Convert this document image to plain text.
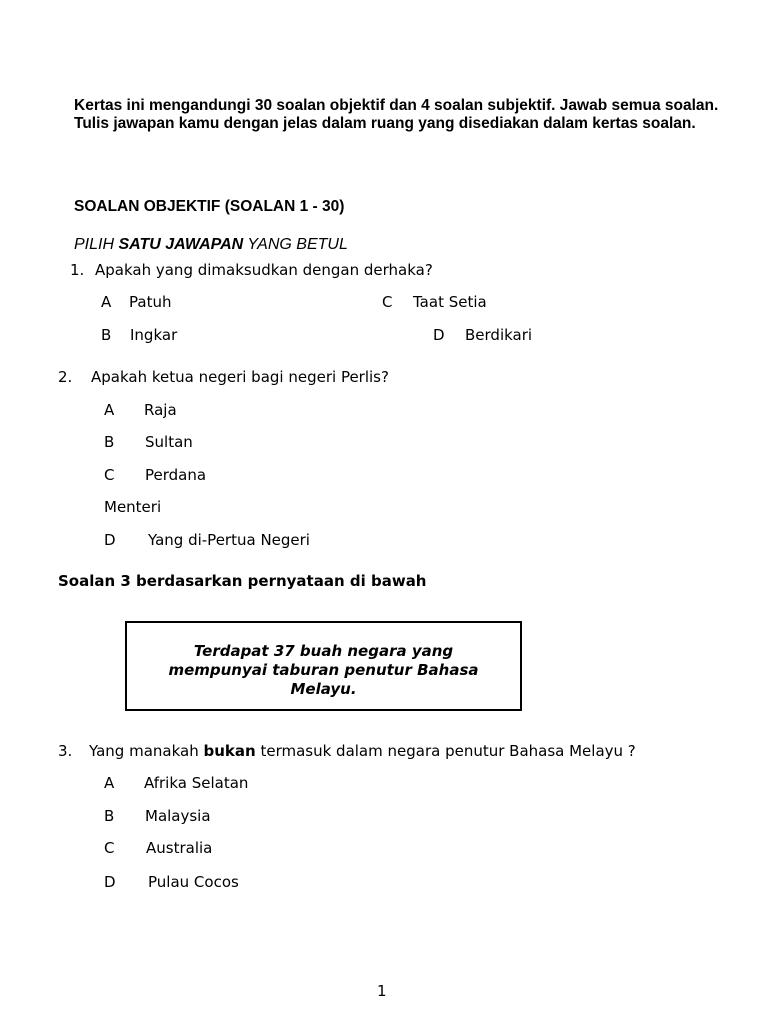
Kertas ini mengandungi 30 soalan objektif dan 4 soalan subjektif. Jawab semua soalan. Tulis jawapan kamu dengan jelas dalam ruang yang disediakan dalam kertas soalan.
SOALAN OBJEKTIF (SOALAN 1 - 30)
PILIH SATU JAWAPAN YANG BETUL
1. Apakah yang dimaksudkan dengan derhaka?
A Patuh	C Taat Setia
B Ingkar	D Berdikari
2. Apakah ketua negeri bagi negeri Perlis?
A Raja
B Sultan
C Perdana
Menteri
D Yang di-Pertua Negeri
Soalan 3 berdasarkan pernyataan di bawah
Terdapat 37 buah negara yang mempunyai taburan penutur Bahasa Melayu.
3. Yang manakah bukan termasuk dalam negara penutur Bahasa Melayu ?
A Afrika Selatan
B Malaysia
C Australia
D Pulau Cocos
1
